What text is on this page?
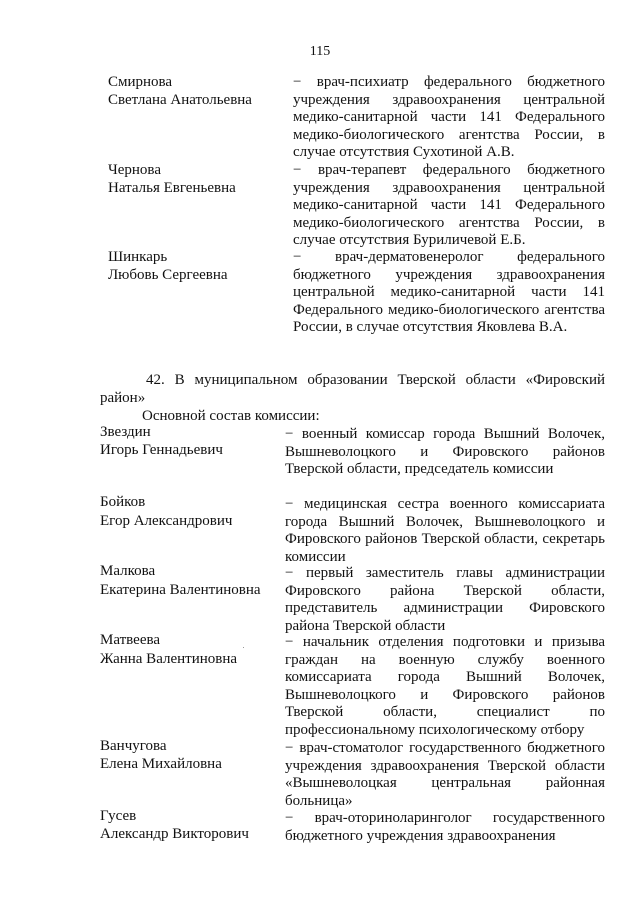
115
Смирнова
Светлана Анатольевна
− врач-психиатр федерального бюджетного учреждения здравоохранения центральной медико-санитарной части 141 Федерального медико-биологического агентства России, в случае отсутствия Сухотиной А.В.
Чернова
Наталья Евгеньевна
− врач-терапевт федерального бюджетного учреждения здравоохранения центральной медико-санитарной части 141 Федерального медико-биологического агентства России, в случае отсутствия Буриличевой Е.Б.
Шинкарь
Любовь Сергеевна
− врач-дерматовенеролог федерального бюджетного учреждения здравоохранения центральной медико-санитарной части 141 Федерального медико-биологического агентства России, в случае отсутствия Яковлева В.А.
42. В муниципальном образовании Тверской области «Фировский район»
Основной состав комиссии:
Звездин
Игорь Геннадьевич
− военный комиссар города Вышний Волочек, Вышневолоцкого и Фировского районов Тверской области, председатель комиссии
Бойков
Егор Александрович
− медицинская сестра военного комиссариата города Вышний Волочек, Вышневолоцкого и Фировского районов Тверской области, секретарь комиссии
Малкова
Екатерина Валентиновна
− первый заместитель главы администрации Фировского района Тверской области, представитель администрации Фировского района Тверской области
Матвеева
Жанна Валентиновна
− начальник отделения подготовки и призыва граждан на военную службу военного комиссариата города Вышний Волочек, Вышневолоцкого и Фировского районов Тверской области, специалист по профессиональному психологическому отбору
Ванчугова
Елена Михайловна
− врач-стоматолог государственного бюджетного учреждения здравоохранения Тверской области «Вышневолоцкая центральная районная больница»
Гусев
Александр Викторович
− врач-оториноларинголог государственного бюджетного учреждения здравоохранения
